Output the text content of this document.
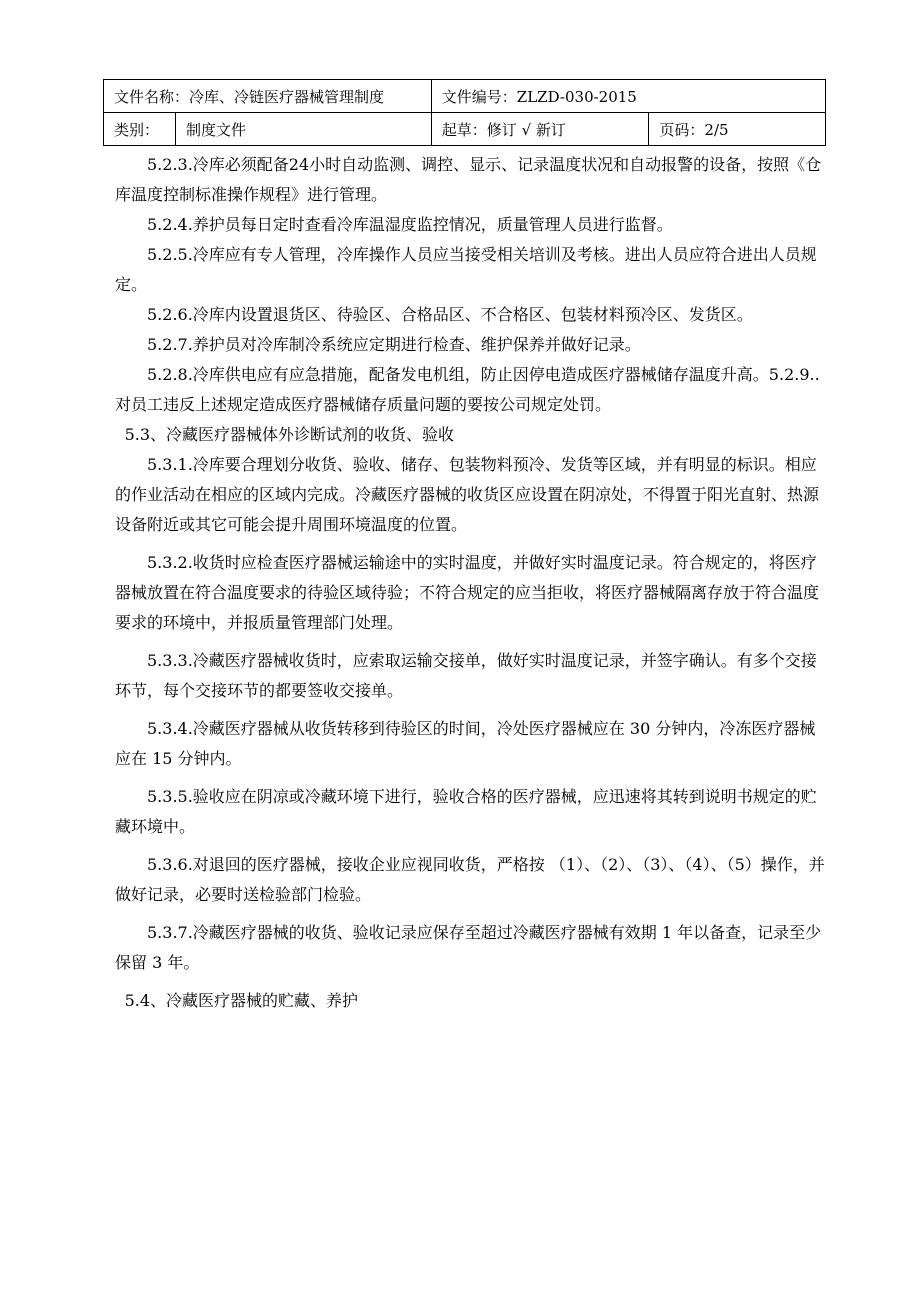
文件名称：冷库、冷链医疗器械管理制度		文件编号：ZLZD-030-2015	
类别：	制度文件	起草：修订 √ 新订	页码：2/5

5.2.3.冷库必须配备24小时自动监测、调控、显示、记录温度状况和自动报警的设备，按照《仓库温度控制标准操作规程》进行管理。

5.2.4.养护员每日定时查看冷库温湿度监控情况，质量管理人员进行监督。

5.2.5.冷库应有专人管理，冷库操作人员应当接受相关培训及考核。进出人员应符合进出人员规定。

5.2.6.冷库内设置退货区、待验区、合格品区、不合格区、包装材料预冷区、发货区。

5.2.7.养护员对冷库制冷系统应定期进行检查、维护保养并做好记录。

5.2.8.冷库供电应有应急措施，配备发电机组，防止因停电造成医疗器械储存温度升高。5.2.9..对员工违反上述规定造成医疗器械储存质量问题的要按公司规定处罚。

5.3、冷藏医疗器械体外诊断试剂的收货、验收

5.3.1.冷库要合理划分收货、验收、储存、包装物料预冷、发货等区域，并有明显的标识。相应的作业活动在相应的区域内完成。冷藏医疗器械的收货区应设置在阴凉处，不得置于阳光直射、热源设备附近或其它可能会提升周围环境温度的位置。

5.3.2.收货时应检查医疗器械运输途中的实时温度，并做好实时温度记录。符合规定的，将医疗器械放置在符合温度要求的待验区域待验；不符合规定的应当拒收，将医疗器械隔离存放于符合温度要求的环境中，并报质量管理部门处理。

5.3.3.冷藏医疗器械收货时，应索取运输交接单，做好实时温度记录，并签字确认。有多个交接环节，每个交接环节的都要签收交接单。

5.3.4.冷藏医疗器械从收货转移到待验区的时间，冷处医疗器械应在 30 分钟内，冷冻医疗器械应在 15 分钟内。

5.3.5.验收应在阴凉或冷藏环境下进行，验收合格的医疗器械，应迅速将其转到说明书规定的贮藏环境中。

5.3.6.对退回的医疗器械，接收企业应视同收货，严格按 （1）、（2）、（3）、（4）、（5）操作，并做好记录，必要时送检验部门检验。

5.3.7.冷藏医疗器械的收货、验收记录应保存至超过冷藏医疗器械有效期 1 年以备查，记录至少保留 3 年。

5.4、冷藏医疗器械的贮藏、养护
